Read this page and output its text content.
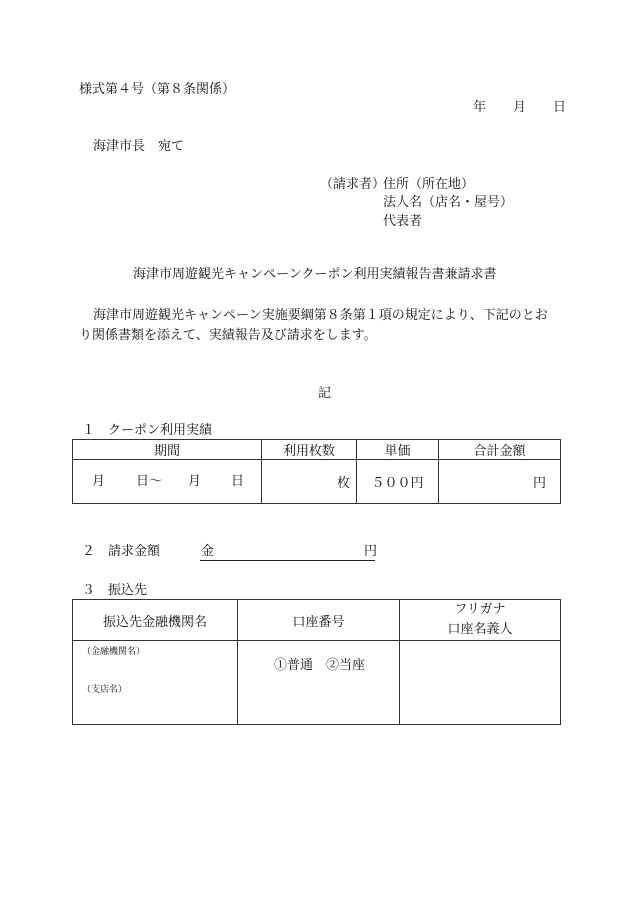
様式第４号（第８条関係）
年 月 日
海津市長　宛て
（請求者）
住所（所在地）
法人名（店名・屋号）
代表者
海津市周遊観光キャンペーンクーポン利用実績報告書兼請求書
海津市周遊観光キャンペーン実施要綱第８条第１項の規定により、下記のとお
り関係書類を添えて、実績報告及び請求をします。
記
１　クーポン利用実績
期間	利用枚数	単価	合計金額

月 日～ 月 日	枚	５００円	円
２　請求金額	金	円
３　振込先
振込先金融機関名	口座番号	フリガナ
口座名義人

（金融機関名）
（支店名）	①普通　②当座	
